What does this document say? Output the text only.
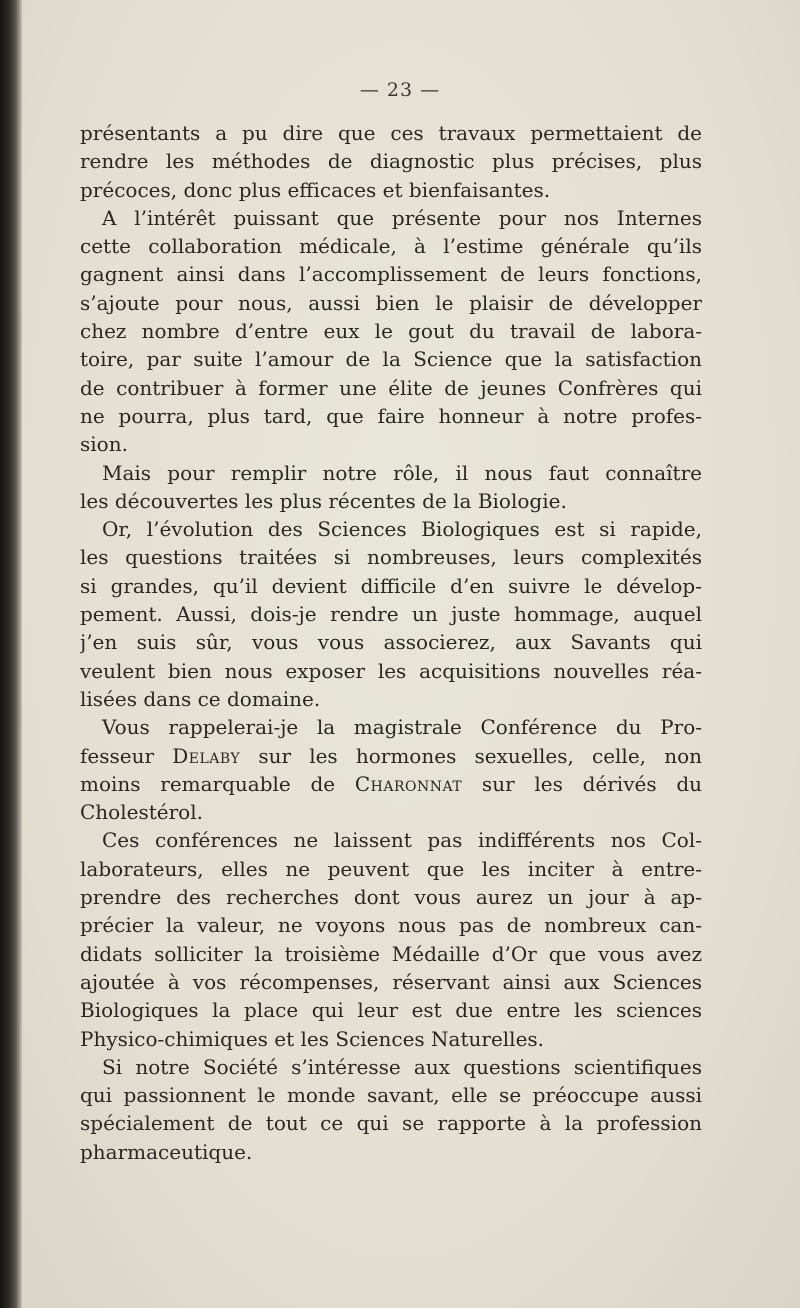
— 23 —
présentants a pu dire que ces travaux permettaient de
rendre les méthodes de diagnostic plus précises, plus
précoces, donc plus efficaces et bienfaisantes.
A l’intérêt puissant que présente pour nos Internes
cette collaboration médicale, à l’estime générale qu’ils
gagnent ainsi dans l’accomplissement de leurs fonctions,
s’ajoute pour nous, aussi bien le plaisir de développer
chez nombre d’entre eux le gout du travail de labora-
toire, par suite l’amour de la Science que la satisfaction
de contribuer à former une élite de jeunes Confrères qui
ne pourra, plus tard, que faire honneur à notre profes-
sion.
Mais pour remplir notre rôle, il nous faut connaître
les découvertes les plus récentes de la Biologie.
Or, l’évolution des Sciences Biologiques est si rapide,
les questions traitées si nombreuses, leurs complexités
si grandes, qu’il devient difficile d’en suivre le dévelop-
pement. Aussi, dois-je rendre un juste hommage, auquel
j’en suis sûr, vous vous associerez, aux Savants qui
veulent bien nous exposer les acquisitions nouvelles réa-
lisées dans ce domaine.
Vous rappelerai-je la magistrale Conférence du Pro-
fesseur Delaby sur les hormones sexuelles, celle, non
moins remarquable de Charonnat sur les dérivés du
Cholestérol.
Ces conférences ne laissent pas indifférents nos Col-
laborateurs, elles ne peuvent que les inciter à entre-
prendre des recherches dont vous aurez un jour à ap-
précier la valeur, ne voyons nous pas de nombreux can-
didats solliciter la troisième Médaille d’Or que vous avez
ajoutée à vos récompenses, réservant ainsi aux Sciences
Biologiques la place qui leur est due entre les sciences
Physico-chimiques et les Sciences Naturelles.
Si notre Société s’intéresse aux questions scientifiques
qui passionnent le monde savant, elle se préoccupe aussi
spécialement de tout ce qui se rapporte à la profession
pharmaceutique.
